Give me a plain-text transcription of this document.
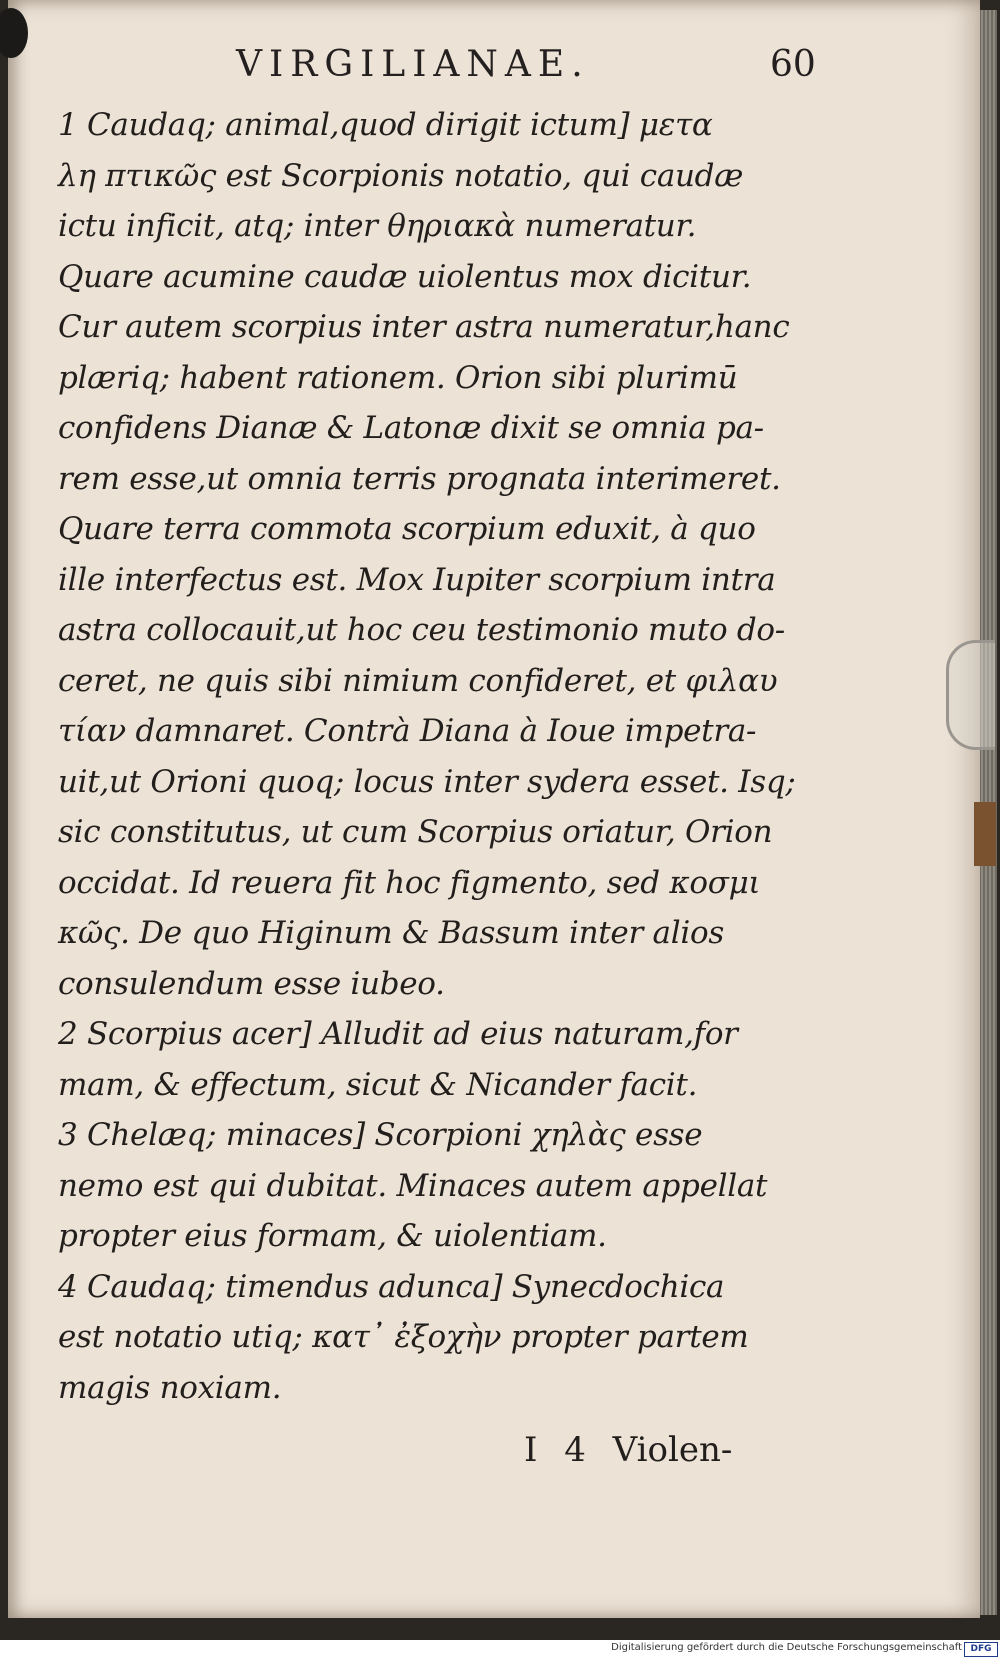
VIRGILIANAE.	60
1 Caudaq; animal,quod dirigit ictum] μετα
λη πτικῶς est Scorpionis notatio, qui caudæ
ictu inficit, atq; inter θηριακὰ numeratur.
Quare acumine caudæ uiolentus mox dicitur.
Cur autem scorpius inter astra numeratur,hanc
plæriq; habent rationem. Orion sibi plurimū
confidens Dianæ & Latonæ dixit se omnia pa-
rem esse,ut omnia terris prognata interimeret.
Quare terra commota scorpium eduxit, à quo
ille interfectus est. Mox Iupiter scorpium intra
astra collocauit,ut hoc ceu testimonio muto do-
ceret, ne quis sibi nimium confideret, et φιλαυ
τίαν damnaret. Contrà Diana à Ioue impetra-
uit,ut Orioni quoq; locus inter sydera esset. Isq;
sic constitutus, ut cum Scorpius oriatur, Orion
occidat. Id reuera fit hoc figmento, sed κοσμι
κῶς. De quo Higinum & Bassum inter alios
consulendum esse iubeo.
2 Scorpius acer] Alludit ad eius naturam,for
mam, & effectum, sicut & Nicander facit.
3 Chelæq; minaces] Scorpioni χηλὰς esse
nemo est qui dubitat. Minaces autem appellat
propter eius formam, & uiolentiam.
4 Caudaq; timendus adunca] Synecdochica
est notatio utiq; κατ᾽ ἐξοχὴν propter partem
magis noxiam.
I 4 Violen-
Digitalisierung gefördert durch die Deutsche Forschungsgemeinschaft DFG
